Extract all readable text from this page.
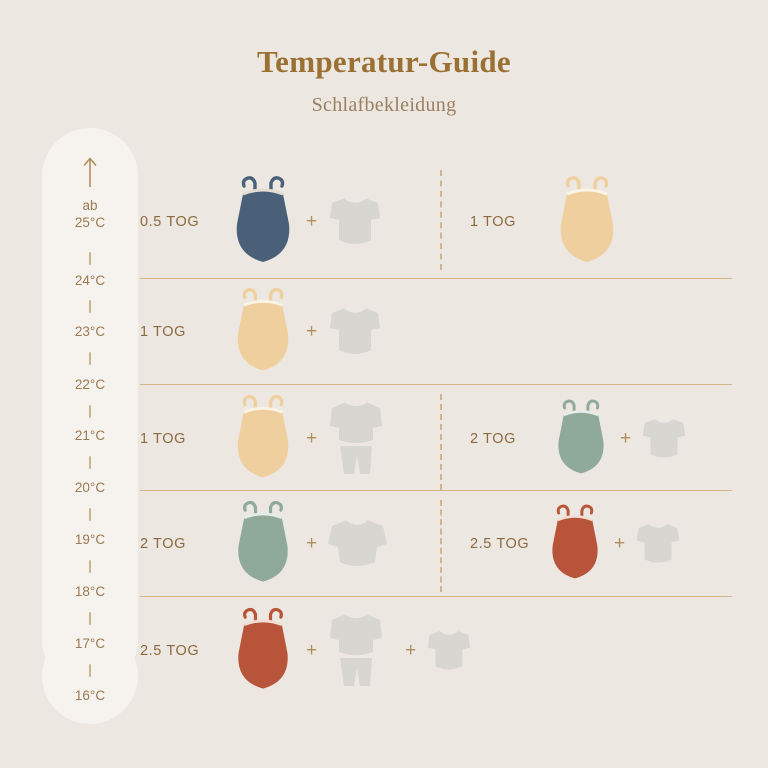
Temperatur-Guide
Schlafbekleidung
ab
25°C
24°C
23°C
22°C
21°C
20°C
19°C
18°C
17°C
16°C
0.5 TOG	+	1 TOG
1 TOG	+
1 TOG	+	2 TOG	+
2 TOG	+	2.5 TOG	+
2.5 TOG	+	+
